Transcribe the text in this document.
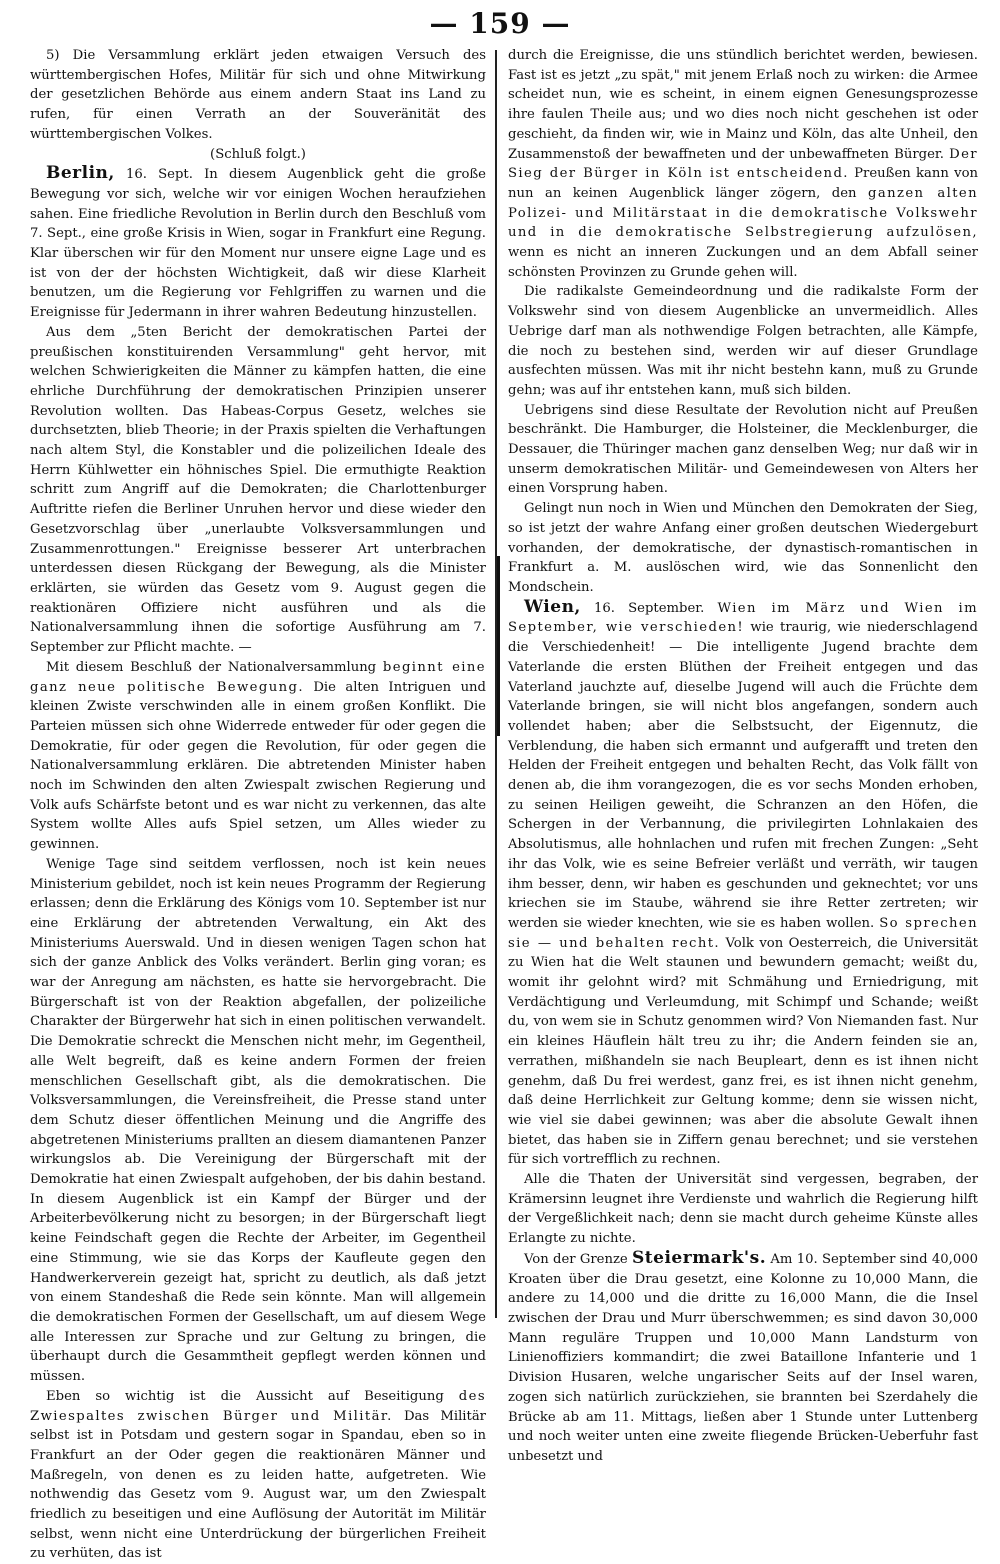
— 159 —

5) Die Versammlung erklärt jeden etwaigen Versuch des württembergischen Hofes, Militär für sich und ohne Mitwirkung der gesetzlichen Behörde aus einem andern Staat ins Land zu rufen, für einen Verrath an der Souveränität des württembergischen Volkes.

(Schluß folgt.)

Berlin, 16. Sept. In diesem Augenblick geht die große Bewegung vor sich, welche wir vor einigen Wochen heraufziehen sahen. Eine friedliche Revolution in Berlin durch den Beschluß vom 7. Sept., eine große Krisis in Wien, sogar in Frankfurt eine Regung. Klar überschen wir für den Moment nur unsere eigne Lage und es ist von der der höchsten Wichtigkeit, daß wir diese Klarheit benutzen, um die Regierung vor Fehlgriffen zu warnen und die Ereignisse für Jedermann in ihrer wahren Bedeutung hinzustellen.

Aus dem „5ten Bericht der demokratischen Partei der preußischen konstituirenden Versammlung" geht hervor, mit welchen Schwierigkeiten die Männer zu kämpfen hatten, die eine ehrliche Durchführung der demokratischen Prinzipien unserer Revolution wollten. Das Habeas-Corpus Gesetz, welches sie durchsetzten, blieb Theorie; in der Praxis spielten die Verhaftungen nach altem Styl, die Konstabler und die polizeilichen Ideale des Herrn Kühlwetter ein höhnisches Spiel. Die ermuthigte Reaktion schritt zum Angriff auf die Demokraten; die Charlottenburger Auftritte riefen die Berliner Unruhen hervor und diese wieder den Gesetzvorschlag über „unerlaubte Volksversammlungen und Zusammenrottungen." Ereignisse besserer Art unterbrachen unterdessen diesen Rückgang der Bewegung, als die Minister erklärten, sie würden das Gesetz vom 9. August gegen die reaktionären Offiziere nicht ausführen und als die Nationalversammlung ihnen die sofortige Ausführung am 7. September zur Pflicht machte. —

Mit diesem Beschluß der Nationalversammlung beginnt eine ganz neue politische Bewegung. Die alten Intriguen und kleinen Zwiste verschwinden alle in einem großen Konflikt. Die Parteien müssen sich ohne Widerrede entweder für oder gegen die Demokratie, für oder gegen die Revolution, für oder gegen die Nationalversammlung erklären. Die abtretenden Minister haben noch im Schwinden den alten Zwiespalt zwischen Regierung und Volk aufs Schärfste betont und es war nicht zu verkennen, das alte System wollte Alles aufs Spiel setzen, um Alles wieder zu gewinnen.

Wenige Tage sind seitdem verflossen, noch ist kein neues Ministerium gebildet, noch ist kein neues Programm der Regierung erlassen; denn die Erklärung des Königs vom 10. September ist nur eine Erklärung der abtretenden Verwaltung, ein Akt des Ministeriums Auerswald. Und in diesen wenigen Tagen schon hat sich der ganze Anblick des Volks verändert. Berlin ging voran; es war der Anregung am nächsten, es hatte sie hervorgebracht. Die Bürgerschaft ist von der Reaktion abgefallen, der polizeiliche Charakter der Bürgerwehr hat sich in einen politischen verwandelt. Die Demokratie schreckt die Menschen nicht mehr, im Gegentheil, alle Welt begreift, daß es keine andern Formen der freien menschlichen Gesellschaft gibt, als die demokratischen. Die Volksversammlungen, die Vereinsfreiheit, die Presse stand unter dem Schutz dieser öffentlichen Meinung und die Angriffe des abgetretenen Ministeriums prallten an diesem diamantenen Panzer wirkungslos ab. Die Vereinigung der Bürgerschaft mit der Demokratie hat einen Zwiespalt aufgehoben, der bis dahin bestand. In diesem Augenblick ist ein Kampf der Bürger und der Arbeiterbevölkerung nicht zu besorgen; in der Bürgerschaft liegt keine Feindschaft gegen die Rechte der Arbeiter, im Gegentheil eine Stimmung, wie sie das Korps der Kaufleute gegen den Handwerkerverein gezeigt hat, spricht zu deutlich, als daß jetzt von einem Standeshaß die Rede sein könnte. Man will allgemein die demokratischen Formen der Gesellschaft, um auf diesem Wege alle Interessen zur Sprache und zur Geltung zu bringen, die überhaupt durch die Gesammtheit gepflegt werden können und müssen.

Eben so wichtig ist die Aussicht auf Beseitigung des Zwiespaltes zwischen Bürger und Militär. Das Militär selbst ist in Potsdam und gestern sogar in Spandau, eben so in Frankfurt an der Oder gegen die reaktionären Männer und Maßregeln, von denen es zu leiden hatte, aufgetreten. Wie nothwendig das Gesetz vom 9. August war, um den Zwiespalt friedlich zu beseitigen und eine Auflösung der Autorität im Militär selbst, wenn nicht eine Unterdrückung der bürgerlichen Freiheit zu verhüten, das ist

durch die Ereignisse, die uns stündlich berichtet werden, bewiesen. Fast ist es jetzt „zu spät," mit jenem Erlaß noch zu wirken: die Armee scheidet nun, wie es scheint, in einem eignen Genesungsprozesse ihre faulen Theile aus; und wo dies noch nicht geschehen ist oder geschieht, da finden wir, wie in Mainz und Köln, das alte Unheil, den Zusammenstoß der bewaffneten und der unbewaffneten Bürger. Der Sieg der Bürger in Köln ist entscheidend. Preußen kann von nun an keinen Augenblick länger zögern, den ganzen alten Polizei- und Militärstaat in die demokratische Volkswehr und in die demokratische Selbstregierung aufzulösen, wenn es nicht an inneren Zuckungen und an dem Abfall seiner schönsten Provinzen zu Grunde gehen will.

Die radikalste Gemeindeordnung und die radikalste Form der Volkswehr sind von diesem Augenblicke an unvermeidlich. Alles Uebrige darf man als nothwendige Folgen betrachten, alle Kämpfe, die noch zu bestehen sind, werden wir auf dieser Grundlage ausfechten müssen. Was mit ihr nicht bestehn kann, muß zu Grunde gehn; was auf ihr entstehen kann, muß sich bilden.

Uebrigens sind diese Resultate der Revolution nicht auf Preußen beschränkt. Die Hamburger, die Holsteiner, die Mecklenburger, die Dessauer, die Thüringer machen ganz denselben Weg; nur daß wir in unserm demokratischen Militär- und Gemeindewesen von Alters her einen Vorsprung haben.

Gelingt nun noch in Wien und München den Demokraten der Sieg, so ist jetzt der wahre Anfang einer großen deutschen Wiedergeburt vorhanden, der demokratische, der dynastisch-romantischen in Frankfurt a. M. auslöschen wird, wie das Sonnenlicht den Mondschein.

Wien, 16. September. Wien im März und Wien im September, wie verschieden! wie traurig, wie niederschlagend die Verschiedenheit! — Die intelligente Jugend brachte dem Vaterlande die ersten Blüthen der Freiheit entgegen und das Vaterland jauchzte auf, dieselbe Jugend will auch die Früchte dem Vaterlande bringen, sie will nicht blos angefangen, sondern auch vollendet haben; aber die Selbstsucht, der Eigennutz, die Verblendung, die haben sich ermannt und aufgerafft und treten den Helden der Freiheit entgegen und behalten Recht, das Volk fällt von denen ab, die ihm vorangezogen, die es vor sechs Monden erhoben, zu seinen Heiligen geweiht, die Schranzen an den Höfen, die Schergen in der Verbannung, die privilegirten Lohnlakaien des Absolutismus, alle hohnlachen und rufen mit frechen Zungen: „Seht ihr das Volk, wie es seine Befreier verläßt und verräth, wir taugen ihm besser, denn, wir haben es geschunden und geknechtet; vor uns kriechen sie im Staube, während sie ihre Retter zertreten; wir werden sie wieder knechten, wie sie es haben wollen. So sprechen sie — und behalten recht. Volk von Oesterreich, die Universität zu Wien hat die Welt staunen und bewundern gemacht; weißt du, womit ihr gelohnt wird? mit Schmähung und Erniedrigung, mit Verdächtigung und Verleumdung, mit Schimpf und Schande; weißt du, von wem sie in Schutz genommen wird? Von Niemanden fast. Nur ein kleines Häuflein hält treu zu ihr; die Andern feinden sie an, verrathen, mißhandeln sie nach Beupleart, denn es ist ihnen nicht genehm, daß Du frei werdest, ganz frei, es ist ihnen nicht genehm, daß deine Herrlichkeit zur Geltung komme; denn sie wissen nicht, wie viel sie dabei gewinnen; was aber die absolute Gewalt ihnen bietet, das haben sie in Ziffern genau berechnet; und sie verstehen für sich vortrefflich zu rechnen.

Alle die Thaten der Universität sind vergessen, begraben, der Krämersinn leugnet ihre Verdienste und wahrlich die Regierung hilft der Vergeßlichkeit nach; denn sie macht durch geheime Künste alles Erlangte zu nichte.

Von der Grenze Steiermark's. Am 10. September sind 40,000 Kroaten über die Drau gesetzt, eine Kolonne zu 10,000 Mann, die andere zu 14,000 und die dritte zu 16,000 Mann, die die Insel zwischen der Drau und Murr überschwemmen; es sind davon 30,000 Mann reguläre Truppen und 10,000 Mann Landsturm von Linienoffiziers kommandirt; die zwei Bataillone Infanterie und 1 Division Husaren, welche ungarischer Seits auf der Insel waren, zogen sich natürlich zurückziehen, sie brannten bei Szerdahely die Brücke ab am 11. Mittags, ließen aber 1 Stunde unter Luttenberg und noch weiter unten eine zweite fliegende Brücken-Ueberfuhr fast unbesetzt und
